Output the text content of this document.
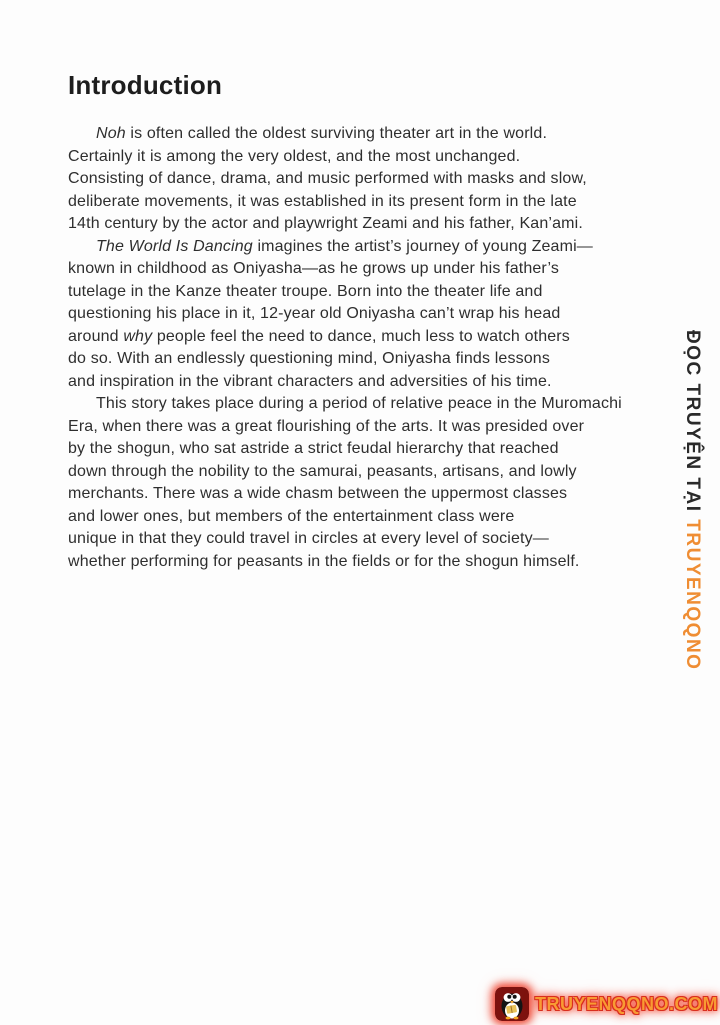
Introduction

Noh is often called the oldest surviving theater art in the world.
Certainly it is among the very oldest, and the most unchanged.
Consisting of dance, drama, and music performed with masks and slow,
deliberate movements, it was established in its present form in the late
14th century by the actor and playwright Zeami and his father, Kan’ami.

The World Is Dancing imagines the artist’s journey of young Zeami—
known in childhood as Oniyasha—as he grows up under his father’s
tutelage in the Kanze theater troupe. Born into the theater life and
questioning his place in it, 12-year old Oniyasha can’t wrap his head
around why people feel the need to dance, much less to watch others
do so. With an endlessly questioning mind, Oniyasha finds lessons
and inspiration in the vibrant characters and adversities of his time.

This story takes place during a period of relative peace in the Muromachi
Era, when there was a great flourishing of the arts. It was presided over
by the shogun, who sat astride a strict feudal hierarchy that reached
down through the nobility to the samurai, peasants, artisans, and lowly
merchants. There was a wide chasm between the uppermost classes
and lower ones, but members of the entertainment class were
unique in that they could travel in circles at every level of society—
whether performing for peasants in the fields or for the shogun himself.

ĐỌC TRUYỆN TẠI TRUYENQQNO
TRUYENQQNO.COM
